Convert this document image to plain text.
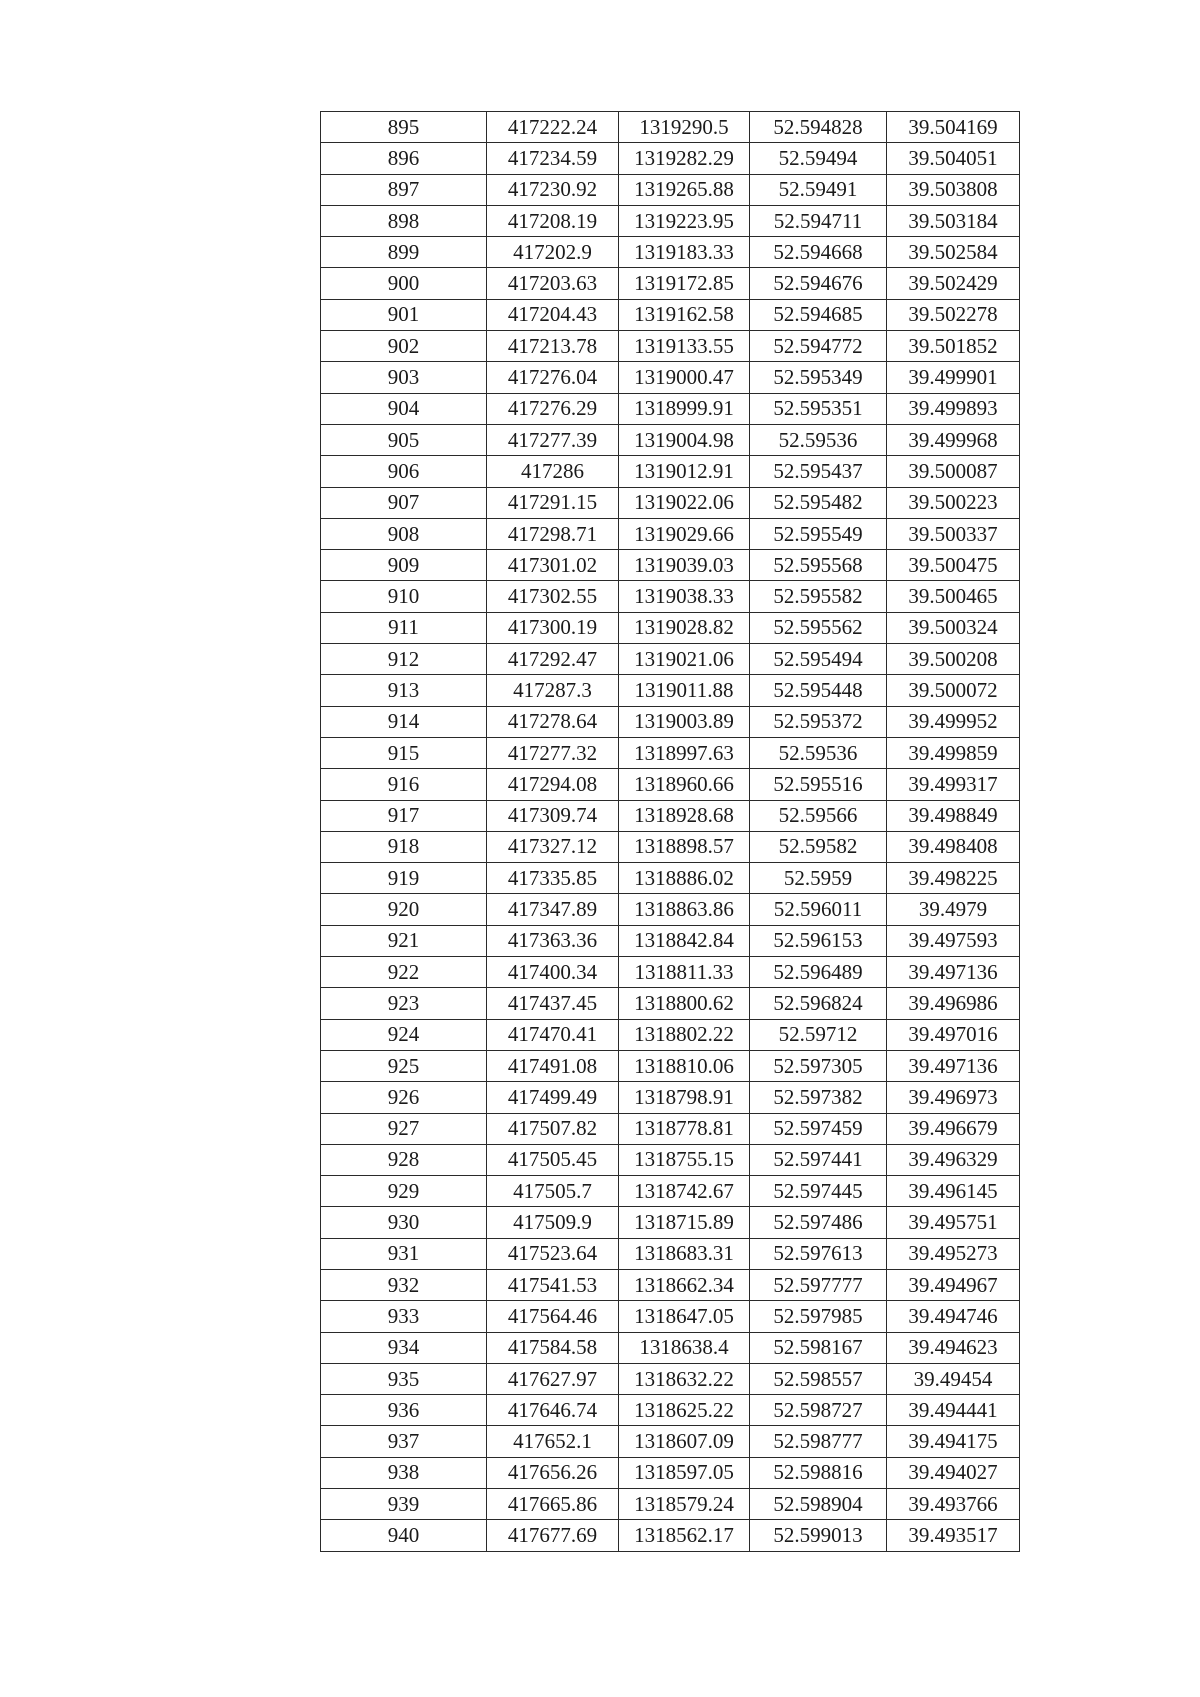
895	417222.24	1319290.5	52.594828	39.504169
896	417234.59	1319282.29	52.59494	39.504051
897	417230.92	1319265.88	52.59491	39.503808
898	417208.19	1319223.95	52.594711	39.503184
899	417202.9	1319183.33	52.594668	39.502584
900	417203.63	1319172.85	52.594676	39.502429
901	417204.43	1319162.58	52.594685	39.502278
902	417213.78	1319133.55	52.594772	39.501852
903	417276.04	1319000.47	52.595349	39.499901
904	417276.29	1318999.91	52.595351	39.499893
905	417277.39	1319004.98	52.59536	39.499968
906	417286	1319012.91	52.595437	39.500087
907	417291.15	1319022.06	52.595482	39.500223
908	417298.71	1319029.66	52.595549	39.500337
909	417301.02	1319039.03	52.595568	39.500475
910	417302.55	1319038.33	52.595582	39.500465
911	417300.19	1319028.82	52.595562	39.500324
912	417292.47	1319021.06	52.595494	39.500208
913	417287.3	1319011.88	52.595448	39.500072
914	417278.64	1319003.89	52.595372	39.499952
915	417277.32	1318997.63	52.59536	39.499859
916	417294.08	1318960.66	52.595516	39.499317
917	417309.74	1318928.68	52.59566	39.498849
918	417327.12	1318898.57	52.59582	39.498408
919	417335.85	1318886.02	52.5959	39.498225
920	417347.89	1318863.86	52.596011	39.4979
921	417363.36	1318842.84	52.596153	39.497593
922	417400.34	1318811.33	52.596489	39.497136
923	417437.45	1318800.62	52.596824	39.496986
924	417470.41	1318802.22	52.59712	39.497016
925	417491.08	1318810.06	52.597305	39.497136
926	417499.49	1318798.91	52.597382	39.496973
927	417507.82	1318778.81	52.597459	39.496679
928	417505.45	1318755.15	52.597441	39.496329
929	417505.7	1318742.67	52.597445	39.496145
930	417509.9	1318715.89	52.597486	39.495751
931	417523.64	1318683.31	52.597613	39.495273
932	417541.53	1318662.34	52.597777	39.494967
933	417564.46	1318647.05	52.597985	39.494746
934	417584.58	1318638.4	52.598167	39.494623
935	417627.97	1318632.22	52.598557	39.49454
936	417646.74	1318625.22	52.598727	39.494441
937	417652.1	1318607.09	52.598777	39.494175
938	417656.26	1318597.05	52.598816	39.494027
939	417665.86	1318579.24	52.598904	39.493766
940	417677.69	1318562.17	52.599013	39.493517
